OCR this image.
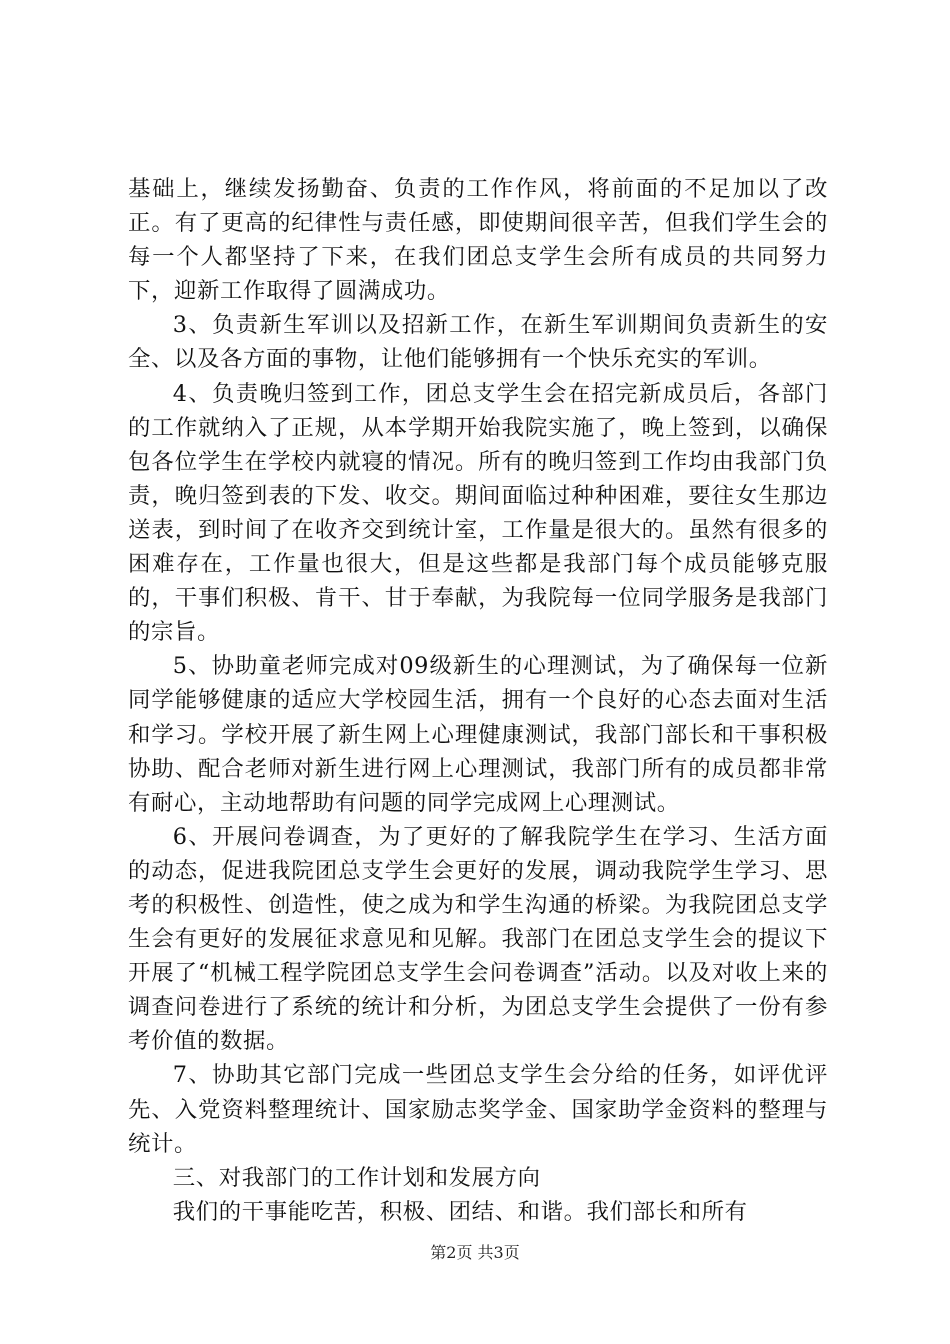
基础上，继续发扬勤奋、负责的工作作风，将前面的不足加以了改正。有了更高的纪律性与责任感，即使期间很辛苦，但我们学生会的每一个人都坚持了下来，在我们团总支学生会所有成员的共同努力下，迎新工作取得了圆满成功。

3、负责新生军训以及招新工作，在新生军训期间负责新生的安全、以及各方面的事物，让他们能够拥有一个快乐充实的军训。

4、负责晚归签到工作，团总支学生会在招完新成员后，各部门的工作就纳入了正规，从本学期开始我院实施了，晚上签到，以确保包各位学生在学校内就寝的情况。所有的晚归签到工作均由我部门负责，晚归签到表的下发、收交。期间面临过种种困难，要往女生那边送表，到时间了在收齐交到统计室，工作量是很大的。虽然有很多的困难存在，工作量也很大，但是这些都是我部门每个成员能够克服的，干事们积极、肯干、甘于奉献，为我院每一位同学服务是我部门的宗旨。

5、协助童老师完成对09级新生的心理测试，为了确保每一位新同学能够健康的适应大学校园生活，拥有一个良好的心态去面对生活和学习。学校开展了新生网上心理健康测试，我部门部长和干事积极协助、配合老师对新生进行网上心理测试，我部门所有的成员都非常有耐心，主动地帮助有问题的同学完成网上心理测试。

6、开展问卷调查，为了更好的了解我院学生在学习、生活方面的动态，促进我院团总支学生会更好的发展，调动我院学生学习、思考的积极性、创造性，使之成为和学生沟通的桥梁。为我院团总支学生会有更好的发展征求意见和见解。我部门在团总支学生会的提议下开展了“机械工程学院团总支学生会问卷调查”活动。以及对收上来的调查问卷进行了系统的统计和分析，为团总支学生会提供了一份有参考价值的数据。

7、协助其它部门完成一些团总支学生会分给的任务，如评优评先、入党资料整理统计、国家励志奖学金、国家助学金资料的整理与统计。

三、对我部门的工作计划和发展方向

我们的干事能吃苦，积极、团结、和谐。我们部长和所有

第2页 共3页
